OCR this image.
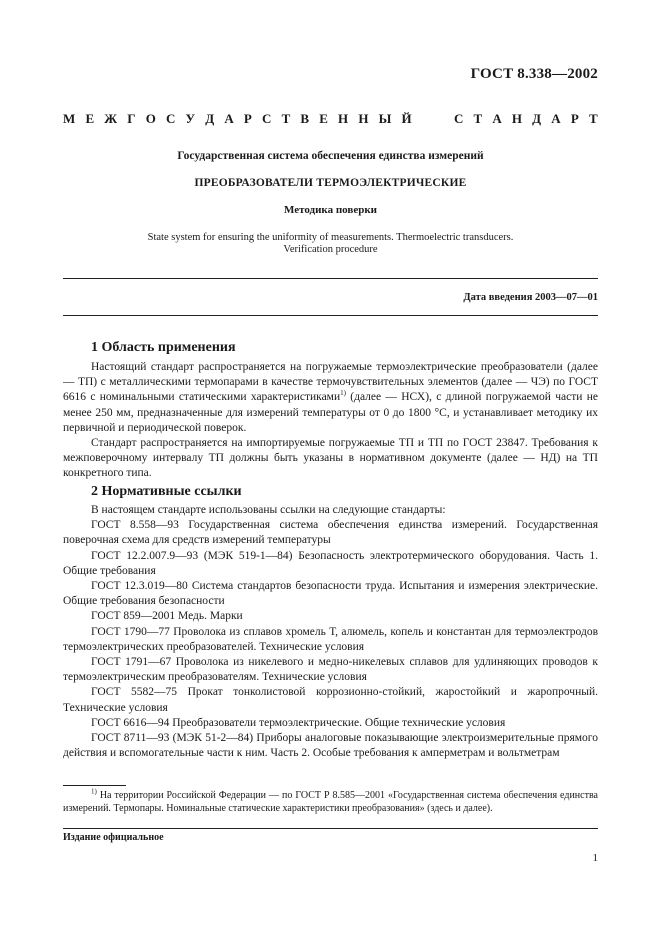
ГОСТ 8.338—2002
М Е Ж Г О С У Д А Р С Т В Е Н Н Ы Й	С Т А Н Д А Р Т
Государственная система обеспечения единства измерений
ПРЕОБРАЗОВАТЕЛИ ТЕРМОЭЛЕКТРИЧЕСКИЕ
Методика поверки
State system for ensuring the uniformity of measurements. Thermoelectric transducers.
Verification procedure
Дата введения 2003—07—01
1 Область применения

Настоящий стандарт распространяется на погружаемые термоэлектрические преобразователи (далее — ТП) с металлическими термопарами в качестве термочувствительных элементов (далее — ЧЭ) по ГОСТ 6616 с номинальными статическими характеристиками$^{1)}$ (далее — НСХ), с длиной погружаемой части не менее 250 мм, предназначенные для измерений температуры от 0 до 1800 °С, и устанавливает методику их первичной и периодической поверок.

Стандарт распространяется на импортируемые погружаемые ТП и ТП по ГОСТ 23847. Требования к межповерочному интервалу ТП должны быть указаны в нормативном документе (далее — НД) на ТП конкретного типа.

2 Нормативные ссылки

В настоящем стандарте использованы ссылки на следующие стандарты:

ГОСТ 8.558—93 Государственная система обеспечения единства измерений. Государственная поверочная схема для средств измерений температуры

ГОСТ 12.2.007.9—93 (МЭК 519-1—84) Безопасность электротермического оборудования. Часть 1. Общие требования

ГОСТ 12.3.019—80 Система стандартов безопасности труда. Испытания и измерения электрические. Общие требования безопасности

ГОСТ 859—2001 Медь. Марки

ГОСТ 1790—77 Проволока из сплавов хромель Т, алюмель, копель и константан для термоэлектродов термоэлектрических преобразователей. Технические условия

ГОСТ 1791—67 Проволока из никелевого и медно-никелевых сплавов для удлиняющих проводов к термоэлектрическим преобразователям. Технические условия

ГОСТ 5582—75 Прокат тонколистовой коррозионно-стойкий, жаростойкий и жаропрочный. Технические условия

ГОСТ 6616—94 Преобразователи термоэлектрические. Общие технические условия

ГОСТ 8711—93 (МЭК 51-2—84) Приборы аналоговые показывающие электроизмерительные прямого действия и вспомогательные части к ним. Часть 2. Особые требования к амперметрам и вольтметрам

$^{1)}$ На территории Российской Федерации — по ГОСТ Р 8.585—2001 «Государственная система обеспечения единства измерений. Термопары. Номинальные статические характеристики преобразования» (здесь и далее).

Издание официальное
1
